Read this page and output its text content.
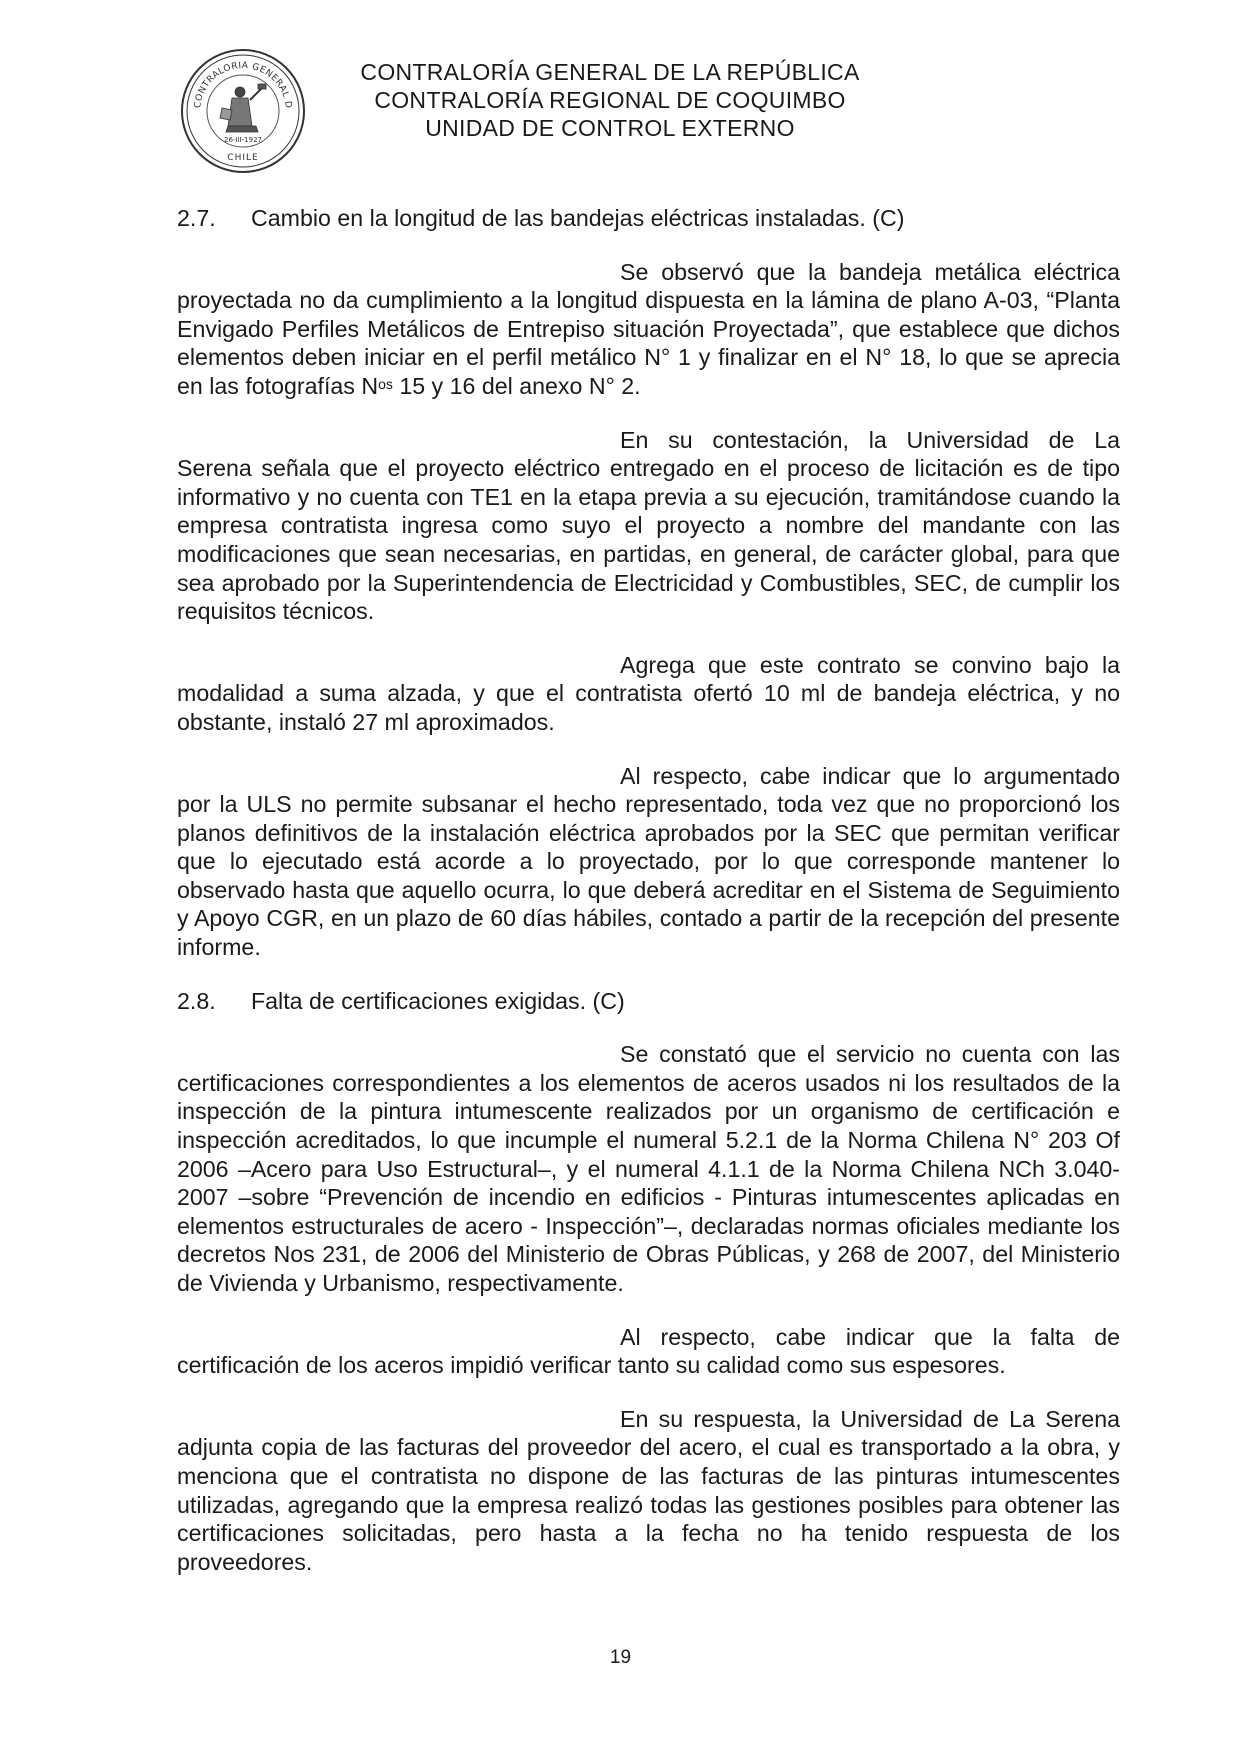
CONTRALORIA GENERAL D
26-III-1927
CHILE
CONTRALORÍA GENERAL DE LA REPÚBLICA
CONTRALORÍA REGIONAL DE COQUIMBO
UNIDAD DE CONTROL EXTERNO
2.7.	Cambio en la longitud de las bandejas eléctricas instaladas. (C)

Se observó que la bandeja metálica eléctrica proyectada no da cumplimiento a la longitud dispuesta en la lámina de plano A-03, “Planta Envigado Perfiles Metálicos de Entrepiso situación Proyectada”, que establece que dichos elementos deben iniciar en el perfil metálico N° 1 y finalizar en el N° 18, lo que se aprecia en las fotografías $N^{os}$ 15 y 16 del anexo N° 2.

En su contestación, la Universidad de La Serena señala que el proyecto eléctrico entregado en el proceso de licitación es de tipo informativo y no cuenta con TE1 en la etapa previa a su ejecución, tramitándose cuando la empresa contratista ingresa como suyo el proyecto a nombre del mandante con las modificaciones que sean necesarias, en partidas, en general, de carácter global, para que sea aprobado por la Superintendencia de Electricidad y Combustibles, SEC, de cumplir los requisitos técnicos.

Agrega que este contrato se convino bajo la modalidad a suma alzada, y que el contratista ofertó 10 ml de bandeja eléctrica, y no obstante, instaló 27 ml aproximados.

Al respecto, cabe indicar que lo argumentado por la ULS no permite subsanar el hecho representado, toda vez que no proporcionó los planos definitivos de la instalación eléctrica aprobados por la SEC que permitan verificar que lo ejecutado está acorde a lo proyectado, por lo que corresponde mantener lo observado hasta que aquello ocurra, lo que deberá acreditar en el Sistema de Seguimiento y Apoyo CGR, en un plazo de 60 días hábiles, contado a partir de la recepción del presente informe.

2.8.	Falta de certificaciones exigidas. (C)

Se constató que el servicio no cuenta con las certificaciones correspondientes a los elementos de aceros usados ni los resultados de la inspección de la pintura intumescente realizados por un organismo de certificación e inspección acreditados, lo que incumple el numeral 5.2.1 de la Norma Chilena N° 203 Of 2006 –Acero para Uso Estructural–, y el numeral 4.1.1 de la Norma Chilena NCh 3.040-2007 –sobre “Prevención de incendio en edificios - Pinturas intumescentes aplicadas en elementos estructurales de acero - Inspección”–, declaradas normas oficiales mediante los decretos Nos 231, de 2006 del Ministerio de Obras Públicas, y 268 de 2007, del Ministerio de Vivienda y Urbanismo, respectivamente.

Al respecto, cabe indicar que la falta de certificación de los aceros impidió verificar tanto su calidad como sus espesores.

En su respuesta, la Universidad de La Serena adjunta copia de las facturas del proveedor del acero, el cual es transportado a la obra, y menciona que el contratista no dispone de las facturas de las pinturas intumescentes utilizadas, agregando que la empresa realizó todas las gestiones posibles para obtener las certificaciones solicitadas, pero hasta a la fecha no ha tenido respuesta de los proveedores.

19
